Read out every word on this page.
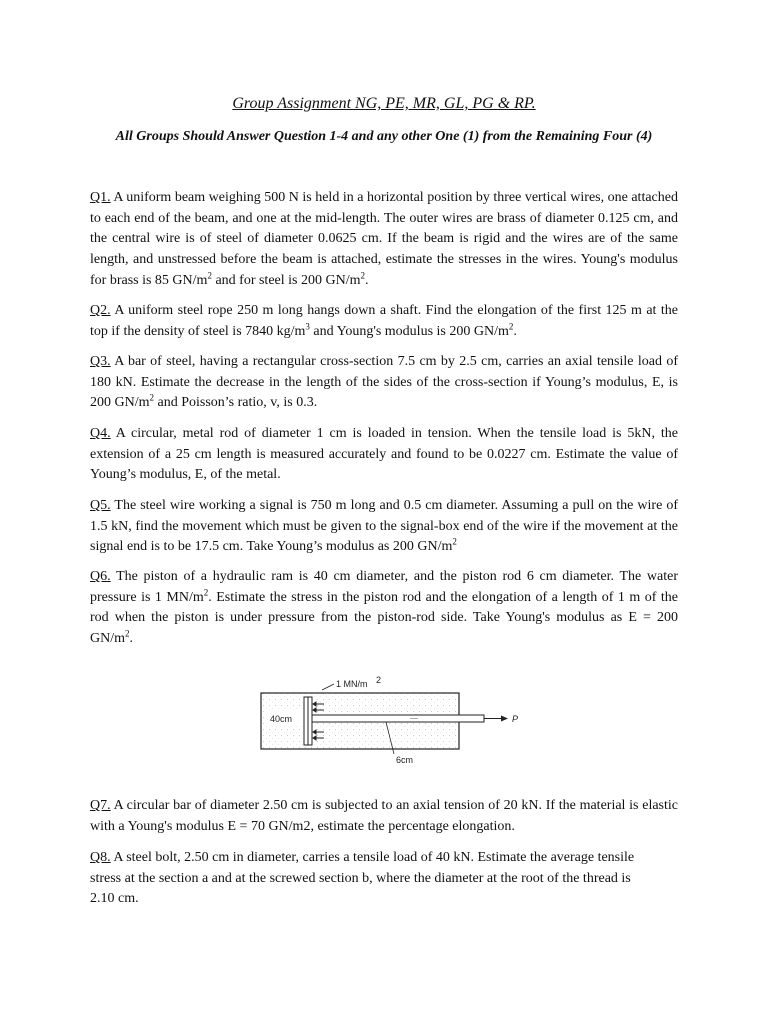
Group Assignment NG, PE, MR, GL, PG & RP.
All Groups Should Answer Question 1-4 and any other One (1) from the Remaining Four (4)
Q1. A uniform beam weighing 500 N is held in a horizontal position by three vertical wires, one attached to each end of the beam, and one at the mid-length. The outer wires are brass of diameter 0.125 cm, and the central wire is of steel of diameter 0.0625 cm. If the beam is rigid and the wires are of the same length, and unstressed before the beam is attached, estimate the stresses in the wires. Young's modulus for brass is 85 $GN/m^2$ and for steel is 200 $GN/m^2$.
Q2. A uniform steel rope 250 m long hangs down a shaft. Find the elongation of the first 125 m at the top if the density of steel is 7840 $kg/m^3$ and Young's modulus is 200 $GN/m^2$.
Q3. A bar of steel, having a rectangular cross-section 7.5 cm by 2.5 cm, carries an axial tensile load of 180 kN. Estimate the decrease in the length of the sides of the cross-section if Young’s modulus, E, is 200 $GN/m^2$ and Poisson’s ratio, v, is 0.3.
Q4. A circular, metal rod of diameter 1 cm is loaded in tension. When the tensile load is 5kN, the extension of a 25 cm length is measured accurately and found to be 0.0227 cm. Estimate the value of Young’s modulus, E, of the metal.
Q5. The steel wire working a signal is 750 m long and 0.5 cm diameter. Assuming a pull on the wire of 1.5 kN, find the movement which must be given to the signal-box end of the wire if the movement at the signal end is to be 17.5 cm. Take Young’s modulus as 200 $GN/m^2$
Q6. The piston of a hydraulic ram is 40 cm diameter, and the piston rod 6 cm diameter. The water pressure is 1 $MN/m^2$. Estimate the stress in the piston rod and the elongation of a length of 1 m of the rod when the piston is under pressure from the piston-rod side. Take Young's modulus as E = 200 $GN/m^2$.
40cm	P
1 MN/m 2
6cm
Q7. A circular bar of diameter 2.50 cm is subjected to an axial tension of 20 kN. If the material is elastic with a Young's modulus E = 70 GN/m2, estimate the percentage elongation.
Q8. A steel bolt, 2.50 cm in diameter, carries a tensile load of 40 kN. Estimate the average tensile stress at the section a and at the screwed section b, where the diameter at the root of the thread is 2.10 cm.
